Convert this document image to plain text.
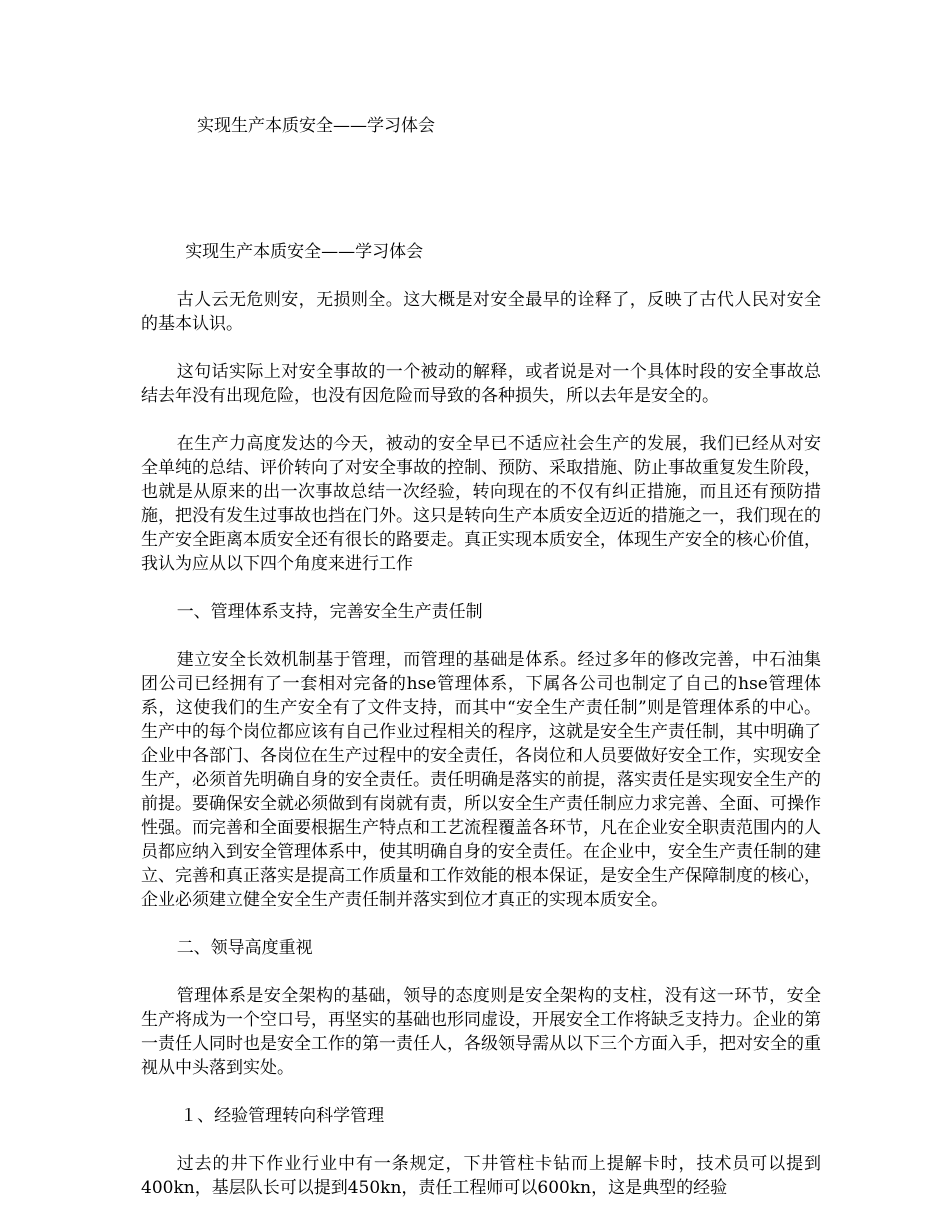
实现生产本质安全——学习体会

实现生产本质安全——学习体会

古人云无危则安，无损则全。这大概是对安全最早的诠释了，反映了古代人民对安全的基本认识。

这句话实际上对安全事故的一个被动的解释，或者说是对一个具体时段的安全事故总结去年没有出现危险，也没有因危险而导致的各种损失，所以去年是安全的。

在生产力高度发达的今天，被动的安全早已不适应社会生产的发展，我们已经从对安全单纯的总结、评价转向了对安全事故的控制、预防、采取措施、防止事故重复发生阶段，也就是从原来的出一次事故总结一次经验，转向现在的不仅有纠正措施，而且还有预防措施，把没有发生过事故也挡在门外。这只是转向生产本质安全迈近的措施之一，我们现在的生产安全距离本质安全还有很长的路要走。真正实现本质安全，体现生产安全的核心价值，我认为应从以下四个角度来进行工作

一、管理体系支持，完善安全生产责任制

建立安全长效机制基于管理，而管理的基础是体系。经过多年的修改完善，中石油集团公司已经拥有了一套相对完备的hse管理体系，下属各公司也制定了自己的hse管理体系，这使我们的生产安全有了文件支持，而其中“安全生产责任制”则是管理体系的中心。生产中的每个岗位都应该有自己作业过程相关的程序，这就是安全生产责任制，其中明确了企业中各部门、各岗位在生产过程中的安全责任，各岗位和人员要做好安全工作，实现安全生产，必须首先明确自身的安全责任。责任明确是落实的前提，落实责任是实现安全生产的前提。要确保安全就必须做到有岗就有责，所以安全生产责任制应力求完善、全面、可操作性强。而完善和全面要根据生产特点和工艺流程覆盖各环节，凡在企业安全职责范围内的人员都应纳入到安全管理体系中，使其明确自身的安全责任。在企业中，安全生产责任制的建立、完善和真正落实是提高工作质量和工作效能的根本保证，是安全生产保障制度的核心，企业必须建立健全安全生产责任制并落实到位才真正的实现本质安全。

二、领导高度重视

管理体系是安全架构的基础，领导的态度则是安全架构的支柱，没有这一环节，安全生产将成为一个空口号，再坚实的基础也形同虚设，开展安全工作将缺乏支持力。企业的第一责任人同时也是安全工作的第一责任人，各级领导需从以下三个方面入手，把对安全的重视从中头落到实处。

１、经验管理转向科学管理

过去的井下作业行业中有一条规定，下井管柱卡钻而上提解卡时，技术员可以提到400kn，基层队长可以提到450kn，责任工程师可以600kn，这是典型的经验
